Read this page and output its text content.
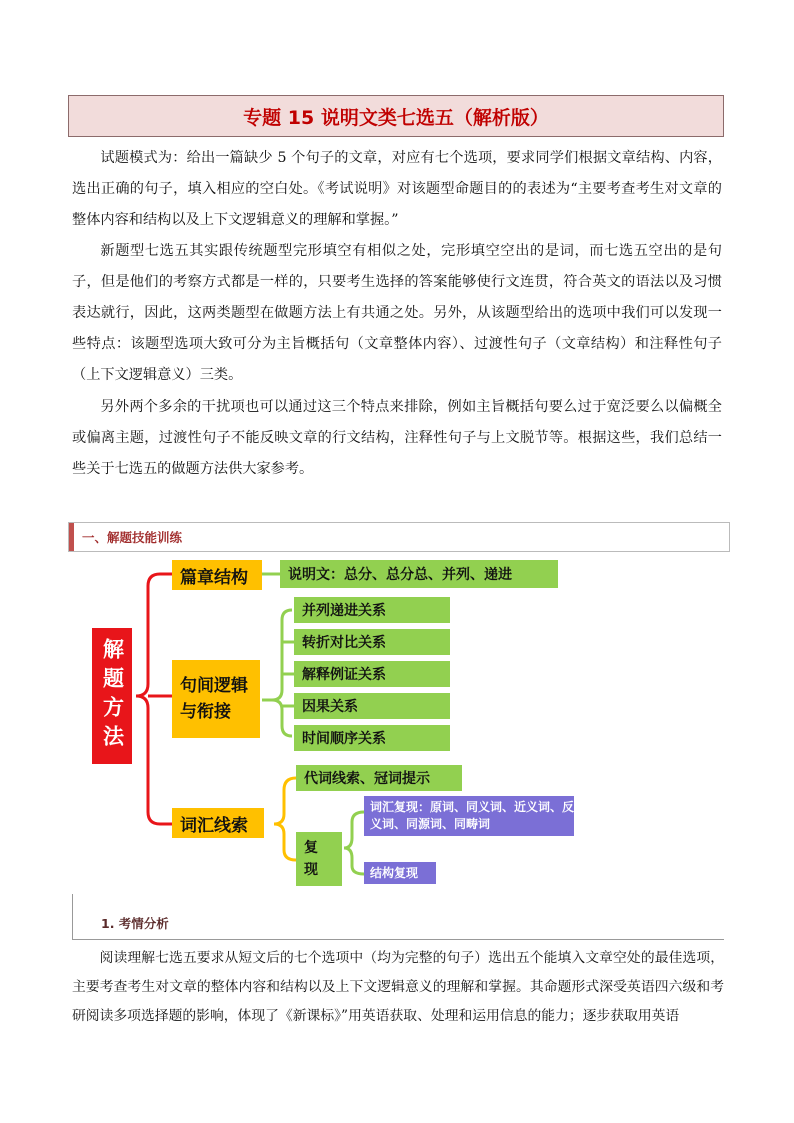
专题 15 说明文类七选五（解析版）

试题模式为：给出一篇缺少 5 个句子的文章，对应有七个选项，要求同学们根据文章结构、内容，选出正确的句子，填入相应的空白处。《考试说明》对该题型命题目的的表述为“主要考查考生对文章的整体内容和结构以及上下文逻辑意义的理解和掌握。”

新题型七选五其实跟传统题型完形填空有相似之处，完形填空空出的是词，而七选五空出的是句子，但是他们的考察方式都是一样的，只要考生选择的答案能够使行文连贯，符合英文的语法以及习惯表达就行，因此，这两类题型在做题方法上有共通之处。另外，从该题型给出的选项中我们可以发现一些特点：该题型选项大致可分为主旨概括句（文章整体内容）、过渡性句子（文章结构）和注释性句子（上下文逻辑意义）三类。

另外两个多余的干扰项也可以通过这三个特点来排除，例如主旨概括句要么过于宽泛要么以偏概全或偏离主题，过渡性句子不能反映文章的行文结构，注释性句子与上文脱节等。根据这些，我们总结一些关于七选五的做题方法供大家参考。

一、解题技能训练
解题方法
篇章结构	说明文：总分、总分总、并列、递进
句间逻辑与衔接
并列递进关系
转折对比关系
解释例证关系
因果关系
时间顺序关系
词汇线索
代词线索、冠词提示
复现
词汇复现：原词、同义词、近义词、反义词、同源词、同畴词
结构复现
1. 考情分析

阅读理解七选五要求从短文后的七个选项中（均为完整的句子）选出五个能填入文章空处的最佳选项，主要考查考生对文章的整体内容和结构以及上下文逻辑意义的理解和掌握。其命题形式深受英语四六级和考研阅读多项选择题的影响，体现了《新课标》”用英语获取、处理和运用信息的能力；逐步获取用英语
